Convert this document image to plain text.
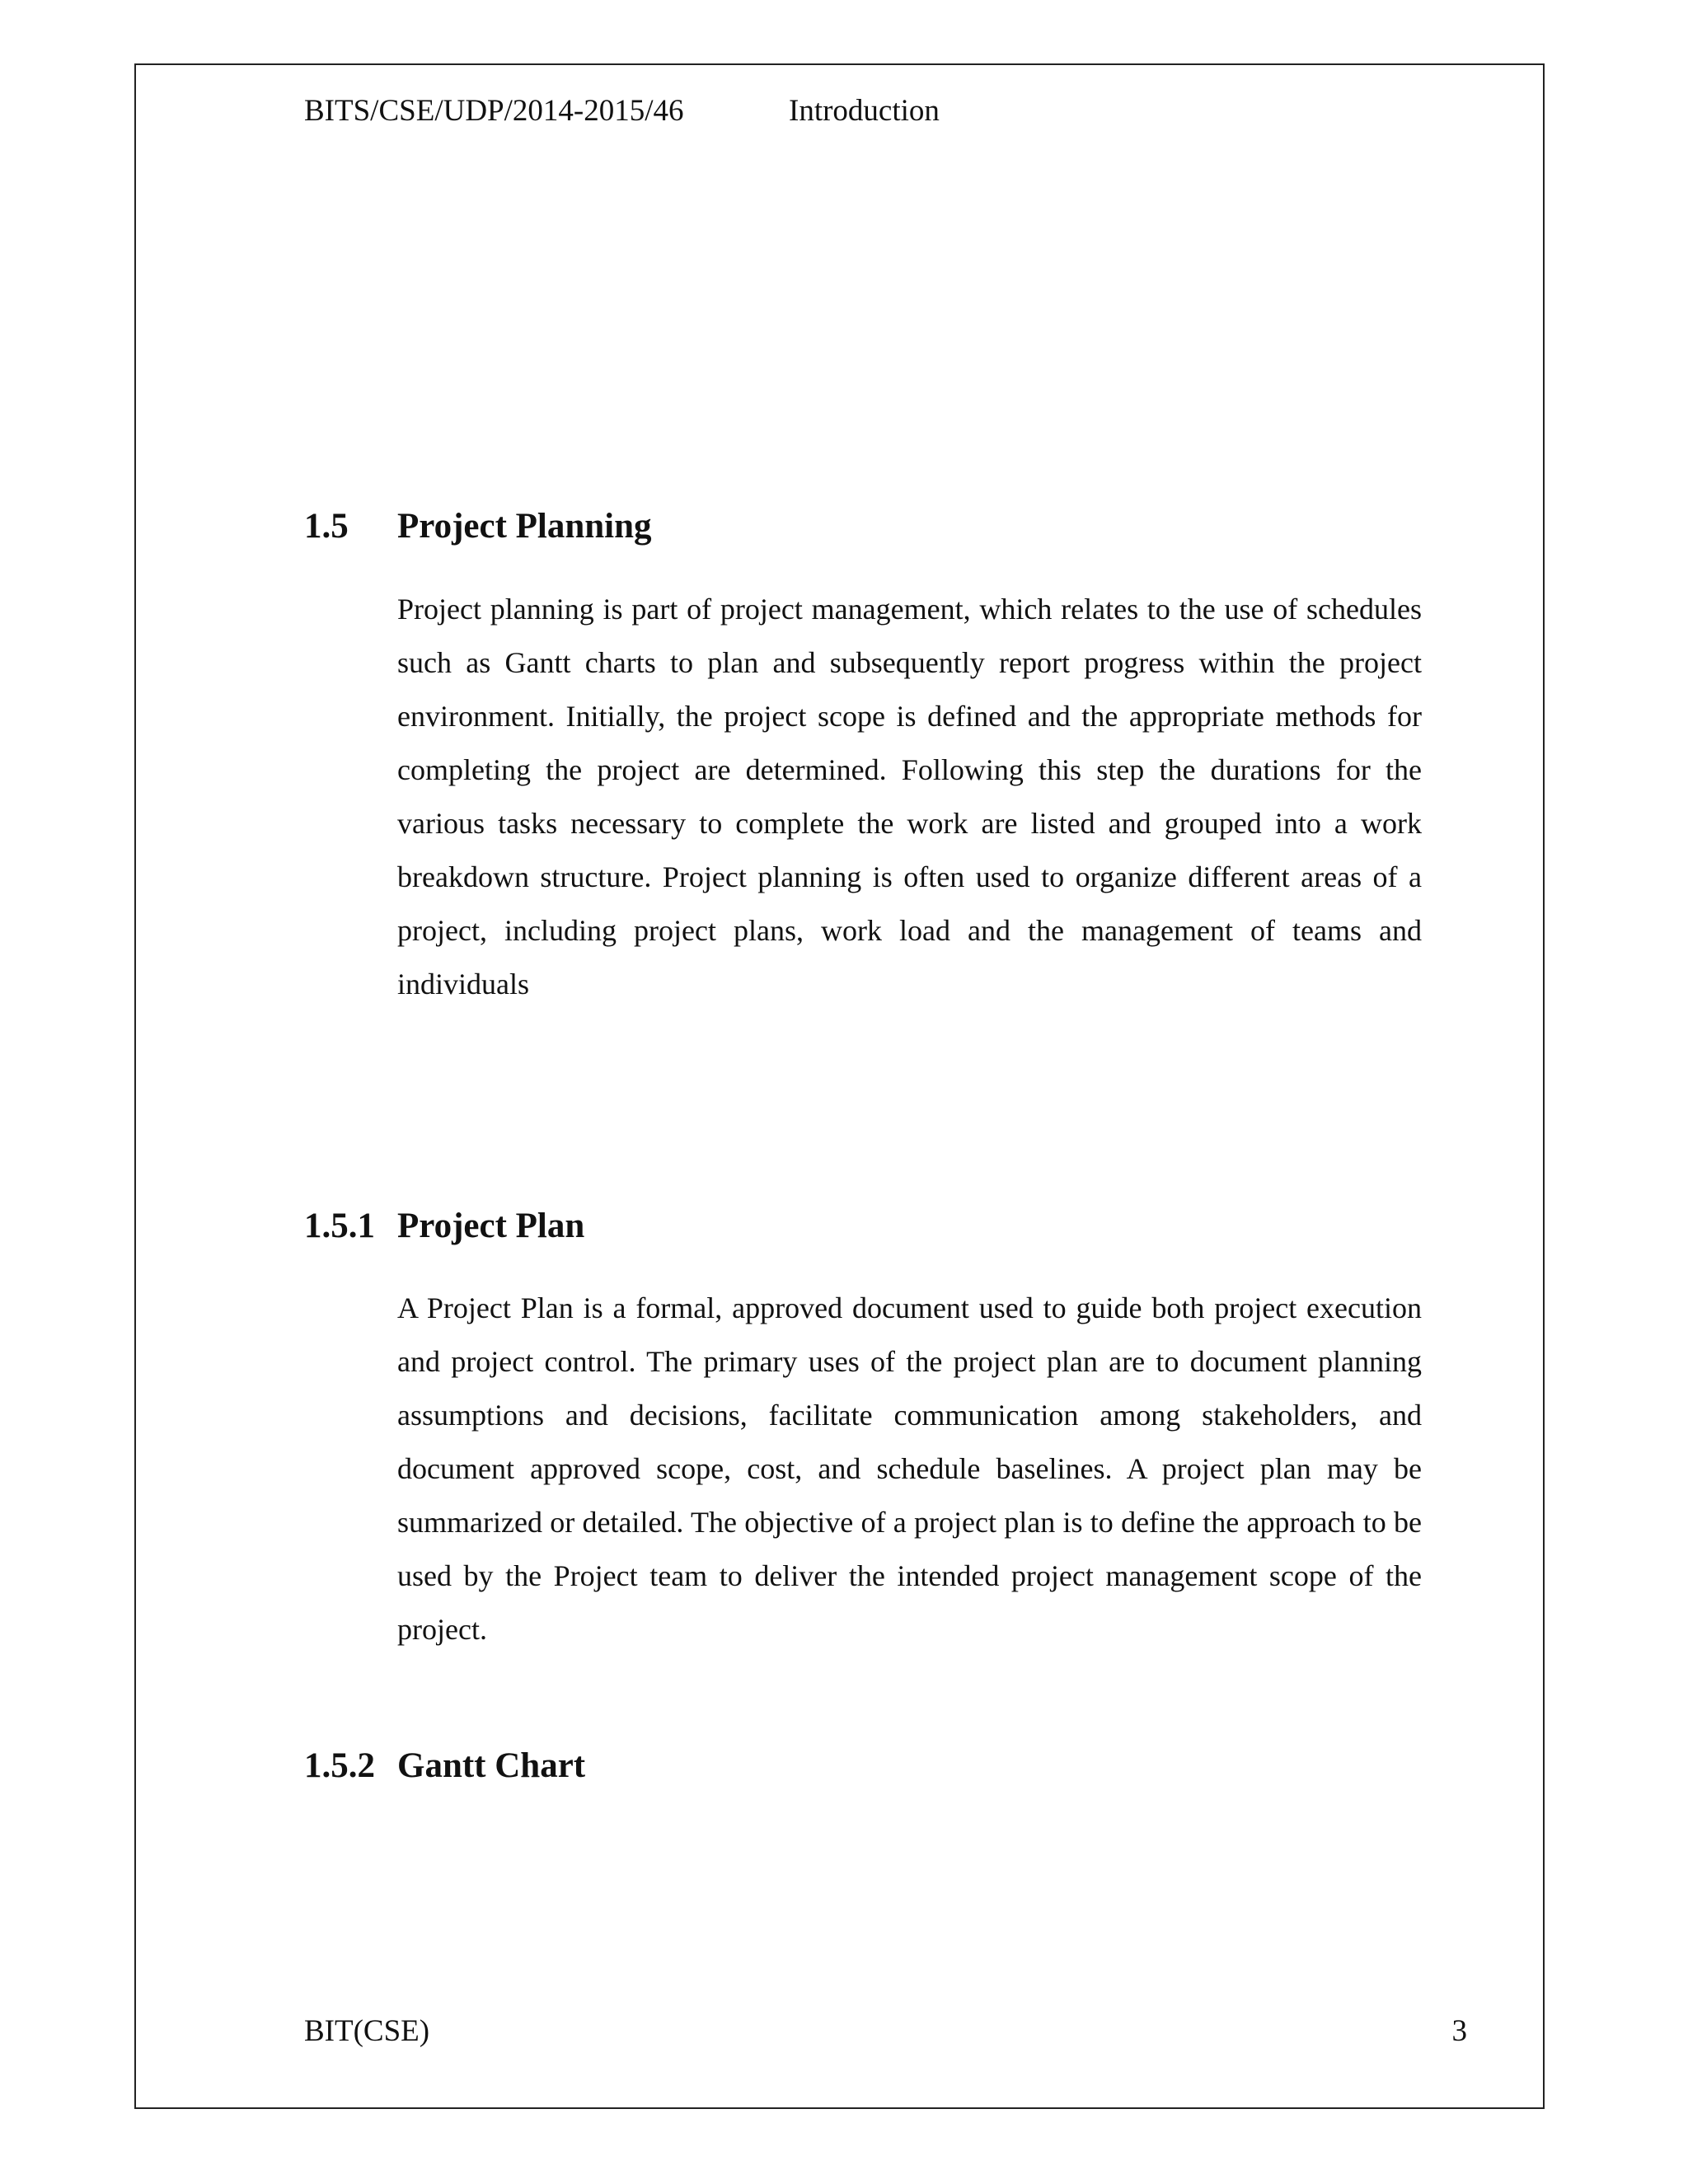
BITS/CSE/UDP/2014-2015/46	Introduction
1.5 Project Planning

Project planning is part of project management, which relates to the use of schedules such as Gantt charts to plan and subsequently report progress within the project environment. Initially, the project scope is defined and the appropriate methods for completing the project are determined. Following this step the durations for the various tasks necessary to complete the work are listed and grouped into a work breakdown structure. Project planning is often used to organize different areas of a project, including project plans, work load and the management of teams and individuals

1.5.1 Project Plan

A Project Plan is a formal, approved document used to guide both project execution and project control. The primary uses of the project plan are to document planning assumptions and decisions, facilitate communication among stakeholders, and document approved scope, cost, and schedule baselines. A project plan may be summarized or detailed. The objective of a project plan is to define the approach to be used by the Project team to deliver the intended project management scope of the project.

1.5.2 Gantt Chart
BIT(CSE)	3
